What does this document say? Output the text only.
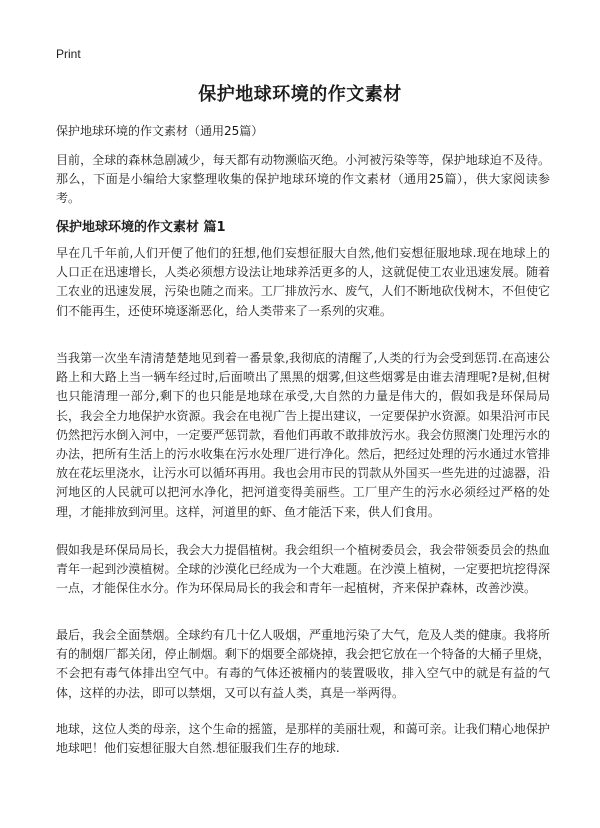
Print
保护地球环境的作文素材
保护地球环境的作文素材（通用25篇）

目前，全球的森林急剧减少，每天都有动物濒临灭绝。小河被污染等等，保护地球迫不及待。那么，下面是小编给大家整理收集的保护地球环境的作文素材（通用25篇），供大家阅读参考。

保护地球环境的作文素材 篇1

早在几千年前,人们开便了他们的狂想,他们妄想征服大自然,他们妄想征服地球.现在地球上的人口正在迅速增长，人类必须想方设法让地球养活更多的人，这就促使工农业迅速发展。随着工农业的迅速发展，污染也随之而来。工厂排放污水、废气，人们不断地砍伐树木，不但使它们不能再生，还使环境逐渐恶化，给人类带来了一系列的灾难。

当我第一次坐车清清楚楚地见到着一番景象,我彻底的清醒了,人类的行为会受到惩罚.在高速公路上和大路上当一辆车经过时,后面喷出了黑黑的烟雾,但这些烟雾是由谁去清理呢?是树,但树也只能清理一部分,剩下的也只能是地球在承受,大自然的力量是伟大的，假如我是环保局局长，我会全力地保护水资源。我会在电视广告上提出建议，一定要保护水资源。如果沿河市民仍然把污水倒入河中，一定要严惩罚款，看他们再敢不敢排放污水。我会仿照澳门处理污水的办法，把所有生活上的污水收集在污水处理厂进行净化。然后，把经过处理的污水通过水管排放在花坛里浇水，让污水可以循环再用。我也会用市民的罚款从外国买一些先进的过滤器，沿河地区的人民就可以把河水净化，把河道变得美丽些。工厂里产生的污水必须经过严格的处理，才能排放到河里。这样，河道里的虾、鱼才能活下来，供人们食用。

假如我是环保局局长，我会大力提倡植树。我会组织一个植树委员会，我会带领委员会的热血青年一起到沙漠植树。全球的沙漠化已经成为一个大难题。在沙漠上植树，一定要把坑挖得深一点，才能保住水分。作为环保局局长的我会和青年一起植树，齐来保护森林，改善沙漠。

最后，我会全面禁烟。全球约有几十亿人吸烟，严重地污染了大气，危及人类的健康。我将所有的制烟厂都关闭，停止制烟。剩下的烟要全部烧掉，我会把它放在一个特备的大桶子里烧，不会把有毒气体排出空气中。有毒的气体还被桶内的装置吸收，排入空气中的就是有益的气体，这样的办法，即可以禁烟，又可以有益人类，真是一举两得。

地球，这位人类的母亲，这个生命的摇篮，是那样的美丽壮观，和蔼可亲。让我们精心地保护地球吧！他们妄想征服大自然.想征服我们生存的地球.
